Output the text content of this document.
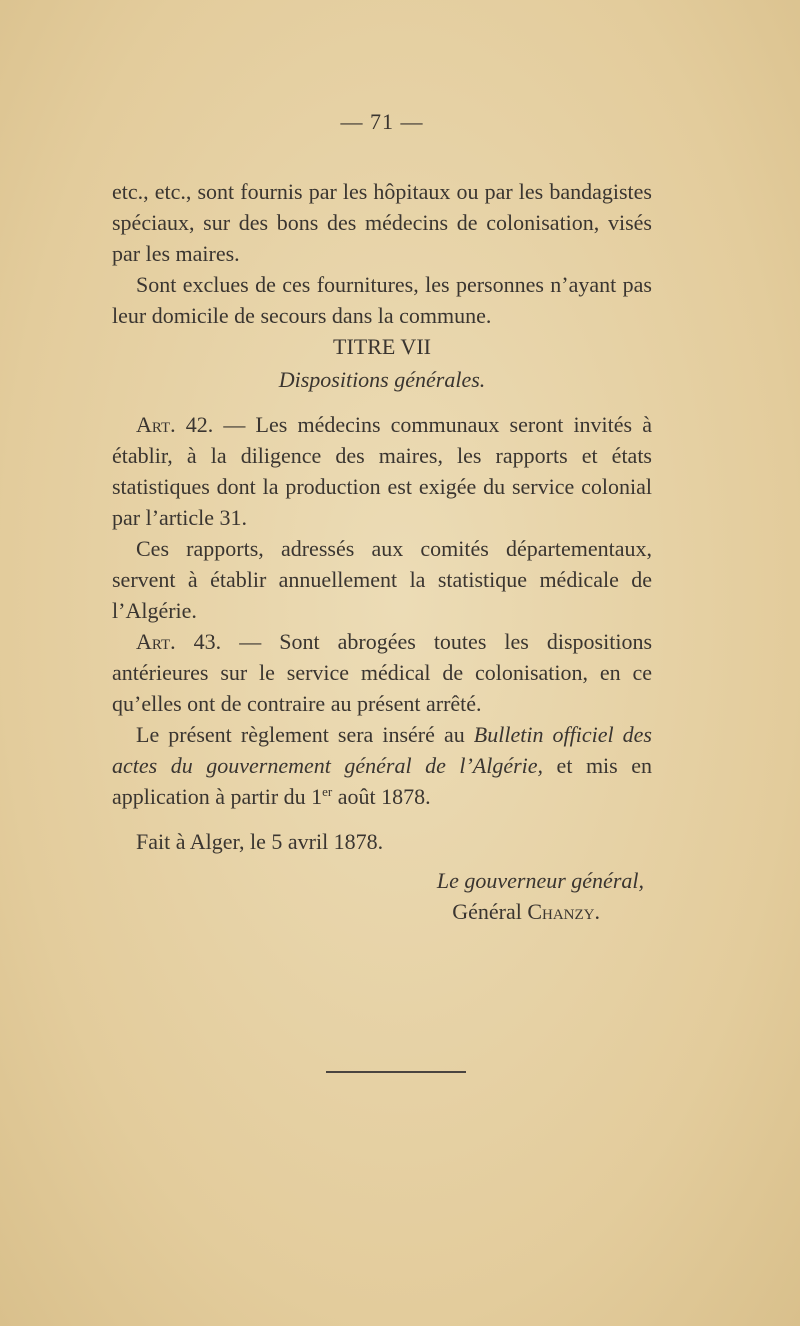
— 71 —

etc., etc., sont fournis par les hôpitaux ou par les bandagistes spéciaux, sur des bons des médecins de colonisation, visés par les maires.

Sont exclues de ces fournitures, les personnes n’ayant pas leur domicile de secours dans la commune.

TITRE VII
Dispositions générales.

Art. 42. — Les médecins communaux seront invités à établir, à la diligence des maires, les rapports et états statistiques dont la production est exigée du service colonial par l’article 31.

Ces rapports, adressés aux comités départementaux, servent à établir annuellement la statistique médicale de l’Algérie.

Art. 43. — Sont abrogées toutes les dispositions antérieures sur le service médical de colonisation, en ce qu’elles ont de contraire au présent arrêté.

Le présent règlement sera inséré au Bulletin officiel des actes du gouvernement général de l’Algérie, et mis en application à partir du 1er août 1878.

Fait à Alger, le 5 avril 1878.

Le gouverneur général,
Général Chanzy.
